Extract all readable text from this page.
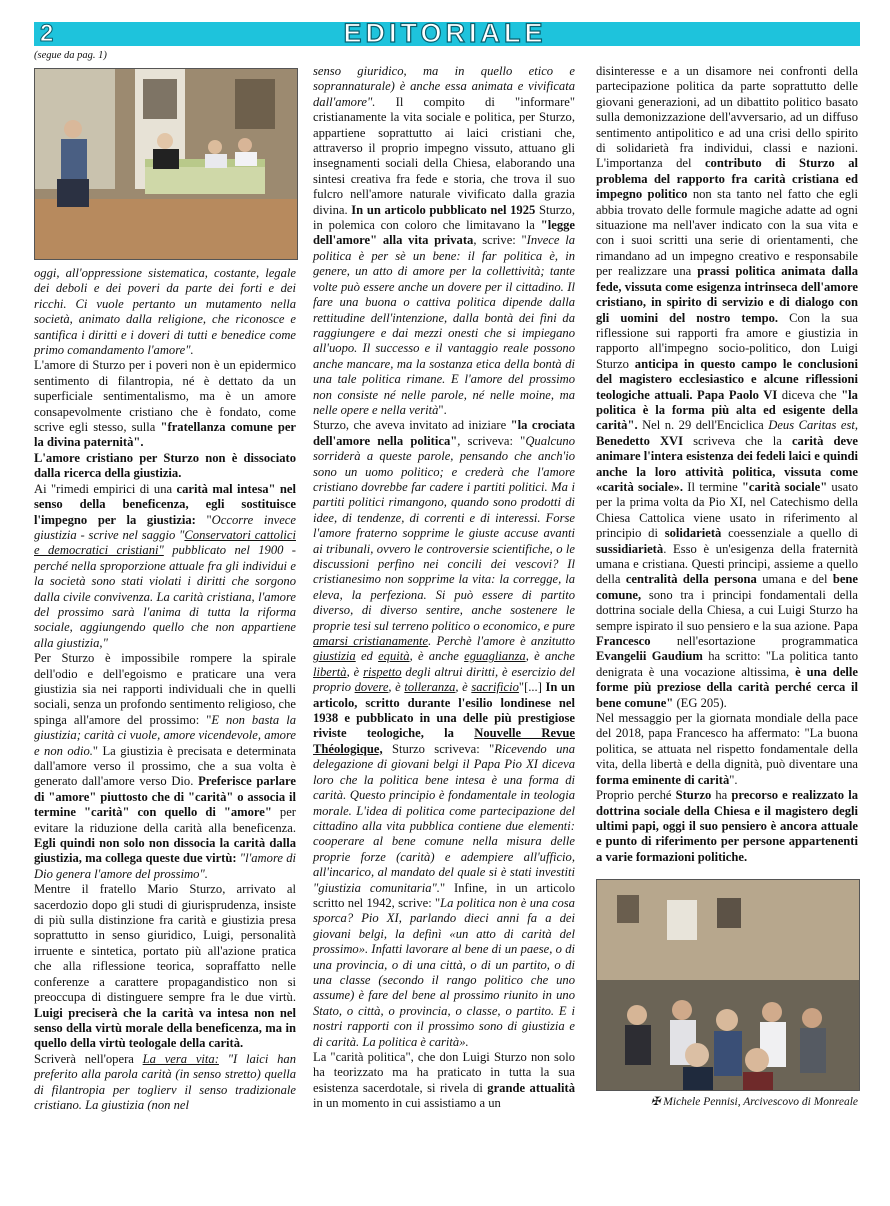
2	EDITORIALE
(segue da pag. 1)

oggi, all'oppressione sistematica, costante, legale dei deboli e dei poveri da parte dei forti e dei ricchi. Ci vuole pertanto un mutamento nella società, animato dalla religione, che riconosce e santifica i diritti e i doveri di tutti e benedice come primo comandamento l'amore".

L'amore di Sturzo per i poveri non è un epidermico sentimento di filantropia, né è dettato da un superficiale sentimentalismo, ma è un amore consapevolmente cristiano che è fondato, come scrive egli stesso, sulla "fratellanza comune per la divina paternità".

L'amore cristiano per Sturzo non è dissociato dalla ricerca della giustizia.

Ai "rimedi empirici di una carità mal intesa" nel senso della beneficenza, egli sostituisce l'impegno per la giustizia: "Occorre invece giustizia - scrive nel saggio "Conservatori cattolici e democratici cristiani" pubblicato nel 1900 - perché nella sproporzione attuale fra gli individui e la società sono stati violati i diritti che sorgono dalla civile convivenza. La carità cristiana, l'amore del prossimo sarà l'anima di tutta la riforma sociale, aggiungendo quello che non appartiene alla giustizia,"

Per Sturzo è impossibile rompere la spirale dell'odio e dell'egoismo e praticare una vera giustizia sia nei rapporti individuali che in quelli sociali, senza un profondo sentimento religioso, che spinga all'amore del prossimo: "E non basta la giustizia; carità ci vuole, amore vicendevole, amore e non odio." La giustizia è precisata e determinata dall'amore verso il prossimo, che a sua volta è generato dall'amore verso Dio. Preferisce parlare di "amore" piuttosto che di "carità" o associa il termine "carità" con quello di "amore" per evitare la riduzione della carità alla beneficenza. Egli quindi non solo non dissocia la carità dalla giustizia, ma collega queste due virtù: "l'amore di Dio genera l'amore del prossimo".

Mentre il fratello Mario Sturzo, arrivato al sacerdozio dopo gli studi di giurisprudenza, insiste di più sulla distinzione fra carità e giustizia presa soprattutto in senso giuridico, Luigi, personalità irruente e sintetica, portato più all'azione pratica che alla riflessione teorica, sopraffatto nelle conferenze a carattere propagandistico non si preoccupa di distinguere sempre fra le due virtù. Luigi preciserà che la carità va intesa non nel senso della virtù morale della beneficenza, ma in quello della virtù teologale della carità.

Scriverà nell'opera La vera vita: "I laici han preferito alla parola carità (in senso stretto) quella di filantropia per toglierv il senso tradizionale cristiano. La giustizia (non nel

senso giuridico, ma in quello etico e soprannaturale) è anche essa animata e vivificata dall'amore". Il compito di "informare" cristianamente la vita sociale e politica, per Sturzo, appartiene soprattutto ai laici cristiani che, attraverso il proprio impegno vissuto, attuano gli insegnamenti sociali della Chiesa, elaborando una sintesi creativa fra fede e storia, che trova il suo fulcro nell'amore naturale vivificato dalla grazia divina. In un articolo pubblicato nel 1925 Sturzo, in polemica con coloro che limitavano la "legge dell'amore" alla vita privata, scrive: "Invece la politica è per sè un bene: il far politica è, in genere, un atto di amore per la collettività; tante volte può essere anche un dovere per il cittadino. Il fare una buona o cattiva politica dipende dalla rettitudine dell'intenzione, dalla bontà dei fini da raggiungere e dai mezzi onesti che si impiegano all'uopo. Il successo e il vantaggio reale possono anche mancare, ma la sostanza etica della bontà di una tale politica rimane. E l'amore del prossimo non consiste né nelle parole, né nelle moine, ma nelle opere e nella verità".

Sturzo, che aveva invitato ad iniziare "la crociata dell'amore nella politica", scriveva: "Qualcuno sorriderà a queste parole, pensando che anch'io sono un uomo politico; e crederà che l'amore cristiano dovrebbe far cadere i partiti politici. Ma i partiti politici rimangono, quando sono prodotti di idee, di tendenze, di correnti e di interessi. Forse l'amore fraterno sopprime le giuste accuse avanti ai tribunali, ovvero le controversie scientifiche, o le discussioni perfino nei concili dei vescovi? Il cristianesimo non sopprime la vita: la corregge, la eleva, la perfeziona. Si può essere di partito diverso, di diverso sentire, anche sostenere le proprie tesi sul terreno politico o economico, e pure amarsi cristianamente. Perchè l'amore è anzitutto giustizia ed equità, è anche eguaglianza, è anche libertà, è rispetto degli altrui diritti, è esercizio del proprio dovere, è tolleranza, è sacrificio"[...] In un articolo, scritto durante l'esilio londinese nel 1938 e pubblicato in una delle più prestigiose riviste teologiche, la Nouvelle Revue Théologique, Sturzo scriveva: "Ricevendo una delegazione di giovani belgi il Papa Pio XI diceva loro che la politica bene intesa è una forma di carità. Questo principio è fondamentale in teologia morale. L'idea di politica come partecipazione del cittadino alla vita pubblica contiene due elementi: cooperare al bene comune nella misura delle proprie forze (carità) e adempiere all'ufficio, all'incarico, al mandato del quale si è stati investiti "giustizia comunitaria"." Infine, in un articolo scritto nel 1942, scrive: "La politica non è una cosa sporca? Pio XI, parlando dieci anni fa a dei giovani belgi, la definì «un atto di carità del prossimo». Infatti lavorare al bene di un paese, o di una provincia, o di una città, o di un partito, o di una classe (secondo il rango politico che uno assume) è fare del bene al prossimo riunito in uno Stato, o città, o provincia, o classe, o partito. E i nostri rapporti con il prossimo sono di giustizia e di carità. La politica è carità».

La "carità politica", che don Luigi Sturzo non solo ha teorizzato ma ha praticato in tutta la sua esistenza sacerdotale, si rivela di grande attualità in un momento in cui assistiamo a un

disinteresse e a un disamore nei confronti della partecipazione politica da parte soprattutto delle giovani generazioni, ad un dibattito politico basato sulla demonizzazione dell'avversario, ad un diffuso sentimento antipolitico e ad una crisi dello spirito di solidarietà fra individui, classi e nazioni. L'importanza del contributo di Sturzo al problema del rapporto fra carità cristiana ed impegno politico non sta tanto nel fatto che egli abbia trovato delle formule magiche adatte ad ogni situazione ma nell'aver indicato con la sua vita e con i suoi scritti una serie di orientamenti, che rimandano ad un impegno creativo e responsabile per realizzare una prassi politica animata dalla fede, vissuta come esigenza intrinseca dell'amore cristiano, in spirito di servizio e di dialogo con gli uomini del nostro tempo. Con la sua riflessione sui rapporti fra amore e giustizia in rapporto all'impegno socio-politico, don Luigi Sturzo anticipa in questo campo le conclusioni del magistero ecclesiastico e alcune riflessioni teologiche attuali. Papa Paolo VI diceva che "la politica è la forma più alta ed esigente della carità". Nel n. 29 dell'Enciclica Deus Caritas est, Benedetto XVI scriveva che la carità deve animare l'intera esistenza dei fedeli laici e quindi anche la loro attività politica, vissuta come «carità sociale». Il termine "carità sociale" usato per la prima volta da Pio XI, nel Catechismo della Chiesa Cattolica viene usato in riferimento al principio di solidarietà coessenziale a quello di sussidiarietà. Esso è un'esigenza della fraternità umana e cristiana. Questi principi, assieme a quello della centralità della persona umana e del bene comune, sono tra i principi fondamentali della dottrina sociale della Chiesa, a cui Luigi Sturzo ha sempre ispirato il suo pensiero e la sua azione. Papa Francesco nell'esortazione programmatica Evangelii Gaudium ha scritto: "La politica tanto denigrata è una vocazione altissima, è una delle forme più preziose della carità perché cerca il bene comune" (EG 205).

Nel messaggio per la giornata mondiale della pace del 2018, papa Francesco ha affermato: "La buona politica, se attuata nel rispetto fondamentale della vita, della libertà e della dignità, può diventare una forma eminente di carità".

Proprio perché Sturzo ha precorso e realizzato la dottrina sociale della Chiesa e il magistero degli ultimi papi, oggi il suo pensiero è ancora attuale e punto di riferimento per persone appartenenti a varie formazioni politiche.

✠ Michele Pennisi, Arcivescovo di Monreale
